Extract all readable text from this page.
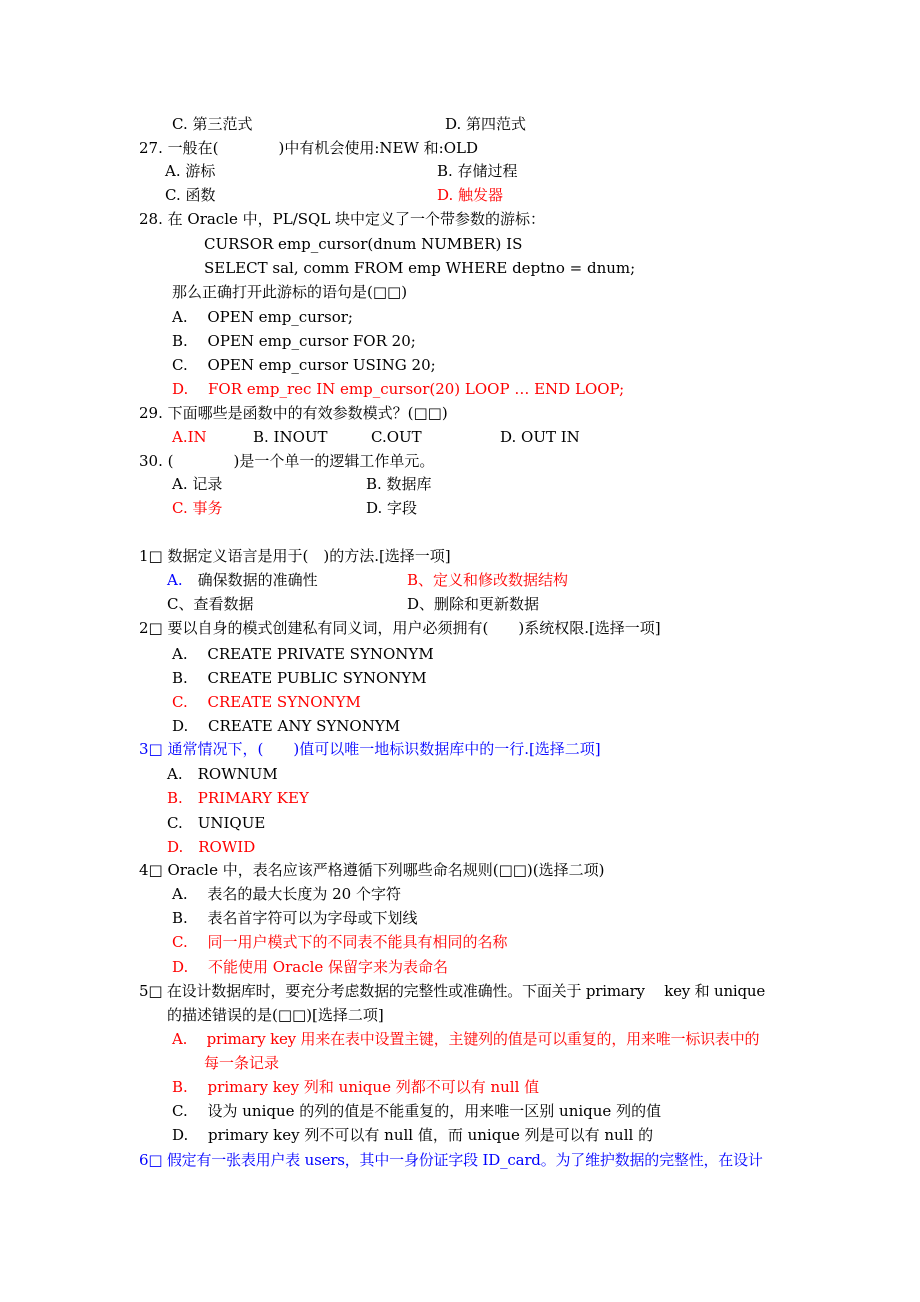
C. 第三范式	D. 第四范式
27. 一般在(　　　　)中有机会使用:NEW 和:OLD
A. 游标	B. 存储过程
C. 函数	D. 触发器
28. 在 Oracle 中，PL/SQL 块中定义了一个带参数的游标：
CURSOR emp_cursor(dnum NUMBER) IS
SELECT sal, comm FROM emp WHERE deptno = dnum;
那么正确打开此游标的语句是(□□)
A.　 OPEN emp_cursor;
B.　 OPEN emp_cursor FOR 20;
C.　 OPEN emp_cursor USING 20;
D.　 FOR emp_rec IN emp_cursor(20) LOOP … END LOOP;
29. 下面哪些是函数中的有效参数模式？(□□)
A.IN	B. INOUT	C.OUT	D. OUT IN
30. (　　　　)是一个单一的逻辑工作单元。
A. 记录	B. 数据库
C. 事务	D. 字段
1□ 数据定义语言是用于(　)的方法.[选择一项]
A.　确保数据的准确性	B、定义和修改数据结构
C、查看数据	D、删除和更新数据
2□ 要以自身的模式创建私有同义词，用户必须拥有(　　)系统权限.[选择一项]
A.　 CREATE PRIVATE SYNONYM
B.　 CREATE PUBLIC SYNONYM
C.　 CREATE SYNONYM
D.　 CREATE ANY SYNONYM
3□ 通常情况下，(　　)值可以唯一地标识数据库中的一行.[选择二项]
A.　ROWNUM
B.　PRIMARY KEY
C.　UNIQUE
D.　ROWID
4□ Oracle 中，表名应该严格遵循下列哪些命名规则(□□)(选择二项)
A.　 表名的最大长度为 20 个字符
B.　 表名首字符可以为字母或下划线
C.　 同一用户模式下的不同表不能具有相同的名称
D.　 不能使用 Oracle 保留字来为表命名
5□ 在设计数据库时，要充分考虑数据的完整性或准确性。下面关于 primary　 key 和 unique
的描述错误的是(□□)[选择二项]
A.　 primary key 用来在表中设置主键，主键列的值是可以重复的，用来唯一标识表中的
每一条记录
B.　 primary key 列和 unique 列都不可以有 null 值
C.　 设为 unique 的列的值是不能重复的，用来唯一区别 unique 列的值
D.　 primary key 列不可以有 null 值，而 unique 列是可以有 null 的
6□ 假定有一张表用户表 users，其中一身份证字段 ID_card。为了维护数据的完整性，在设计
